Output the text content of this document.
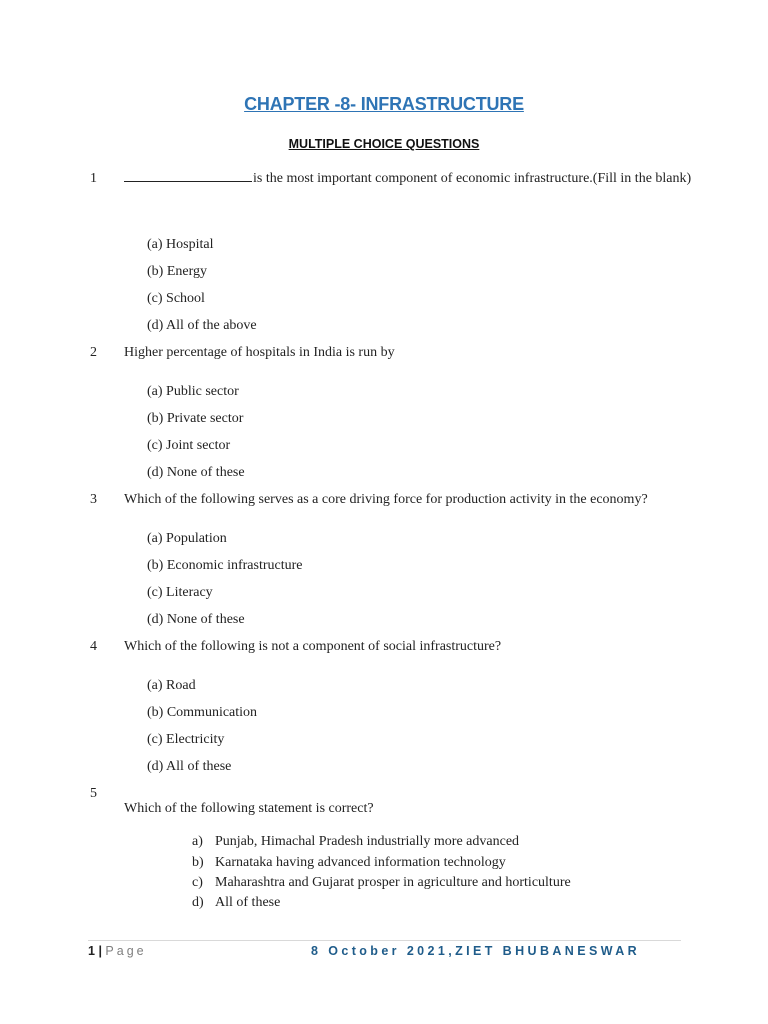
CHAPTER -8- INFRASTRUCTURE
MULTIPLE CHOICE QUESTIONS
1	is the most important component of economic infrastructure.(Fill in the blank)
(a) Hospital
(b) Energy
(c) School
(d) All of the above
2 Higher percentage of hospitals in India is run by
(a) Public sector
(b) Private sector
(c) Joint sector
(d) None of these
3 Which of the following serves as a core driving force for production activity in the economy?
(a) Population
(b) Economic infrastructure
(c) Literacy
(d) None of these
4 Which of the following is not a component of social infrastructure?
(a) Road
(b) Communication
(c) Electricity
(d) All of these
5
Which of the following statement is correct?
a) Punjab, Himachal Pradesh industrially more advanced
b) Karnataka having advanced information technology
c) Maharashtra and Gujarat prosper in agriculture and horticulture
d) All of these
1 | Page	8 October 2021,ZIET BHUBANESWAR
